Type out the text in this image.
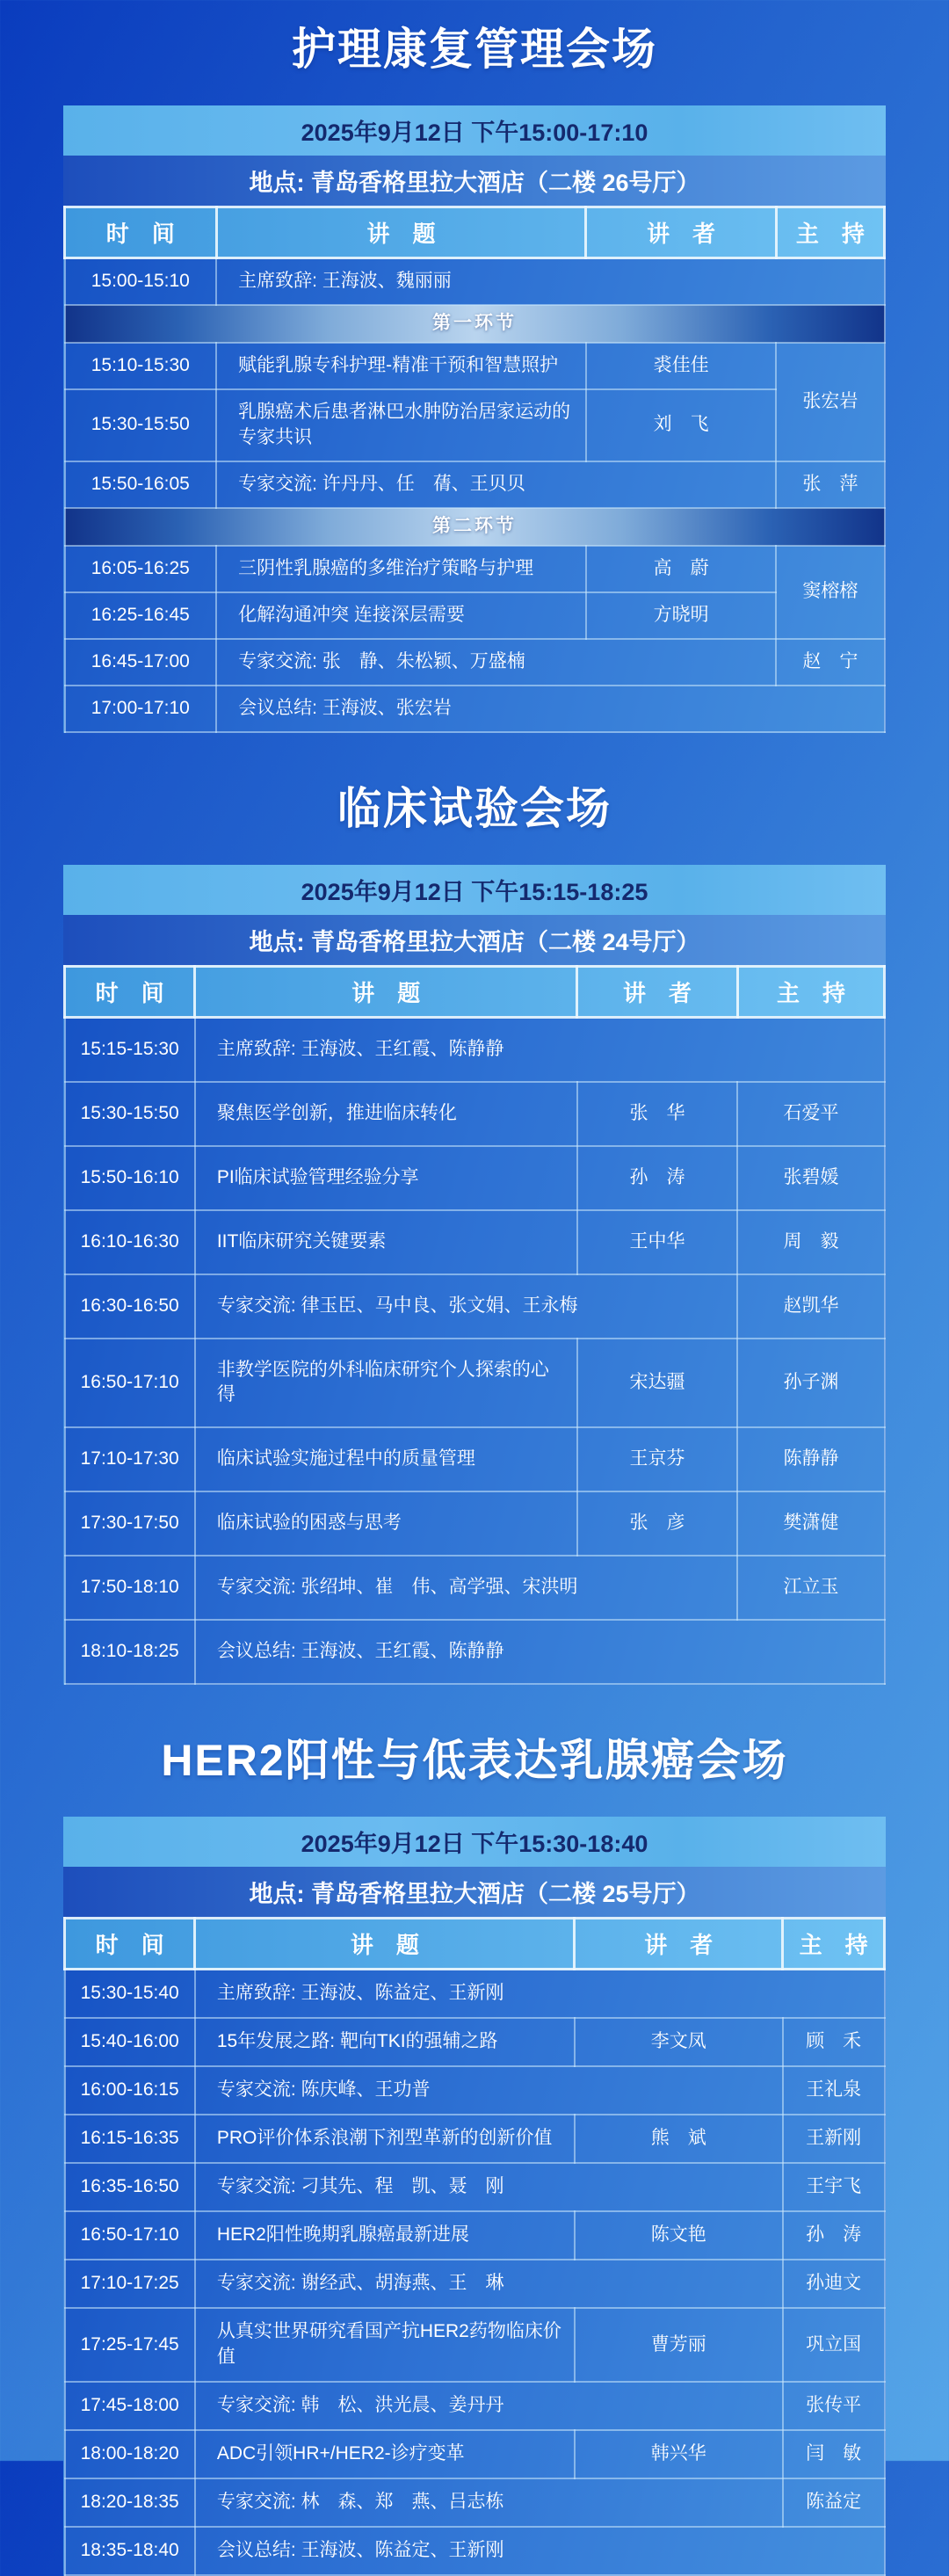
护理康复管理会场
2025年9月12日 下午15:00-17:10
地点: 青岛香格里拉大酒店（二楼 26号厅）
时　间	讲　题	讲　者	主　持
15:00-15:10	主席致辞: 王海波、魏丽丽		
第一环节			
15:10-15:30	赋能乳腺专科护理-精准干预和智慧照护	裘佳佳	张宏岩
15:30-15:50	乳腺癌术后患者淋巴水肿防治居家运动的专家共识	刘　飞	
15:50-16:05	专家交流: 许丹丹、任　蒨、王贝贝		张　萍
第二环节			
16:05-16:25	三阴性乳腺癌的多维治疗策略与护理	高　蔚	窦榕榕
16:25-16:45	化解沟通冲突 连接深层需要	方晓明	
16:45-17:00	专家交流: 张　静、朱松颖、万盛楠		赵　宁
17:00-17:10	会议总结: 王海波、张宏岩		
临床试验会场
2025年9月12日 下午15:15-18:25
地点: 青岛香格里拉大酒店（二楼 24号厅）
时　间	讲　题	讲　者	主　持
15:15-15:30	主席致辞: 王海波、王红霞、陈静静		
15:30-15:50	聚焦医学创新，推进临床转化	张　华	石爱平
15:50-16:10	PI临床试验管理经验分享	孙　涛	张碧媛
16:10-16:30	IIT临床研究关键要素	王中华	周　毅
16:30-16:50	专家交流: 律玉臣、马中良、张文娟、王永梅		赵凯华
16:50-17:10	非教学医院的外科临床研究个人探索的心得	宋达疆	孙子渊
17:10-17:30	临床试验实施过程中的质量管理	王京芬	陈静静
17:30-17:50	临床试验的困惑与思考	张　彦	樊潇健
17:50-18:10	专家交流: 张绍坤、崔　伟、高学强、宋洪明		江立玉
18:10-18:25	会议总结: 王海波、王红霞、陈静静		
HER2阳性与低表达乳腺癌会场
2025年9月12日 下午15:30-18:40
地点: 青岛香格里拉大酒店（二楼 25号厅）
时　间	讲　题	讲　者	主　持
15:30-15:40	主席致辞: 王海波、陈益定、王新刚		
15:40-16:00	15年发展之路: 靶向TKI的强辅之路	李文凤	顾　禾
16:00-16:15	专家交流: 陈庆峰、王功普		王礼泉
16:15-16:35	PRO评价体系浪潮下剂型革新的创新价值	熊　斌	王新刚
16:35-16:50	专家交流: 刁其先、程　凯、聂　刚		王宇飞
16:50-17:10	HER2阳性晚期乳腺癌最新进展	陈文艳	孙　涛
17:10-17:25	专家交流: 谢经武、胡海燕、王　琳		孙迪文
17:25-17:45	从真实世界研究看国产抗HER2药物临床价值	曹芳丽	巩立国
17:45-18:00	专家交流: 韩　松、洪光晨、姜丹丹		张传平
18:00-18:20	ADC引领HR+/HER2-诊疗变革	韩兴华	闫　敏
18:20-18:35	专家交流: 林　森、郑　燕、吕志栋		陈益定
18:35-18:40	会议总结: 王海波、陈益定、王新刚		
